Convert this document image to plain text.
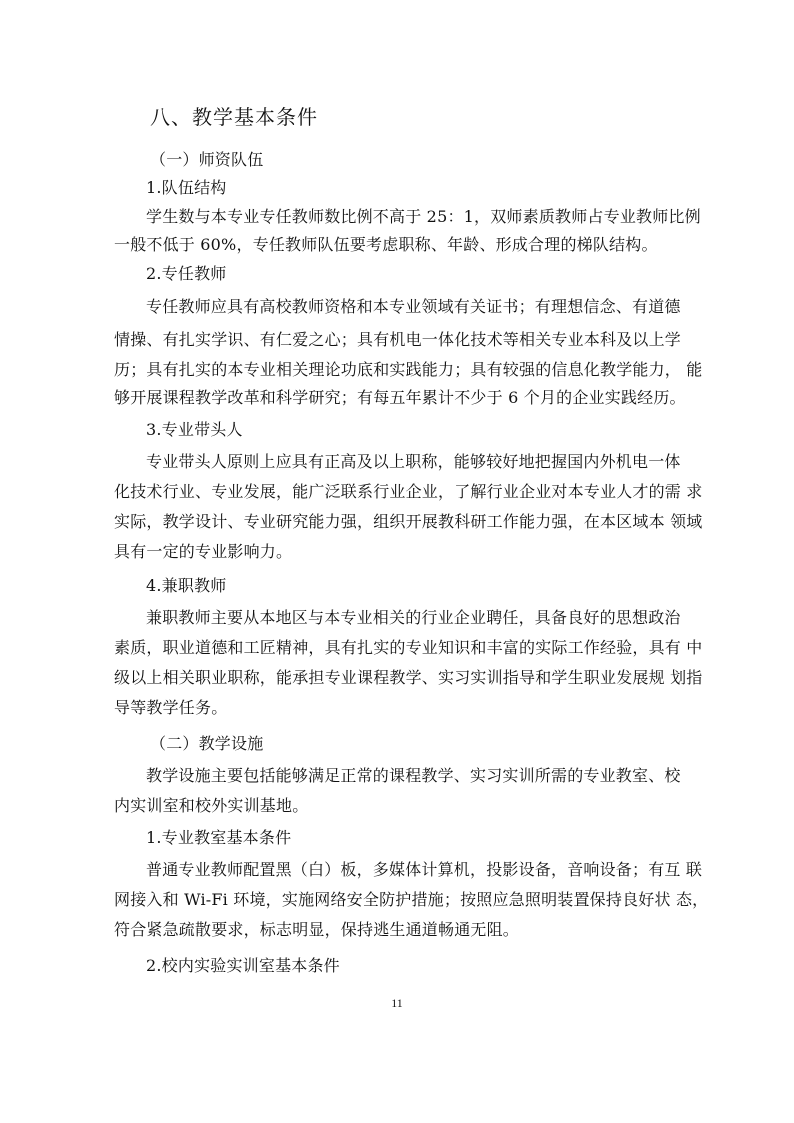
八、教学基本条件
（一）师资队伍
1.队伍结构
学生数与本专业专任教师数比例不高于 25：1，双师素质教师占专业教师比例
一般不低于 60%，专任教师队伍要考虑职称、年龄、形成合理的梯队结构。
2.专任教师
专任教师应具有高校教师资格和本专业领域有关证书；有理想信念、有道德
情操、有扎实学识、有仁爱之心；具有机电一体化技术等相关专业本科及以上学
历；具有扎实的本专业相关理论功底和实践能力；具有较强的信息化教学能力， 能
够开展课程教学改革和科学研究；有每五年累计不少于 6 个月的企业实践经历。
3.专业带头人
专业带头人原则上应具有正高及以上职称，能够较好地把握国内外机电一体
化技术行业、专业发展，能广泛联系行业企业，了解行业企业对本专业人才的需 求
实际，教学设计、专业研究能力强，组织开展教科研工作能力强，在本区域本 领域
具有一定的专业影响力。
4.兼职教师
兼职教师主要从本地区与本专业相关的行业企业聘任，具备良好的思想政治
素质，职业道德和工匠精神，具有扎实的专业知识和丰富的实际工作经验，具有 中
级以上相关职业职称，能承担专业课程教学、实习实训指导和学生职业发展规 划指
导等教学任务。
（二）教学设施
教学设施主要包括能够满足正常的课程教学、实习实训所需的专业教室、校
内实训室和校外实训基地。
1.专业教室基本条件
普通专业教师配置黑（白）板，多媒体计算机，投影设备，音响设备；有互 联
网接入和 Wi-Fi 环境，实施网络安全防护措施；按照应急照明装置保持良好状 态，
符合紧急疏散要求，标志明显，保持逃生通道畅通无阻。
2.校内实验实训室基本条件
11
